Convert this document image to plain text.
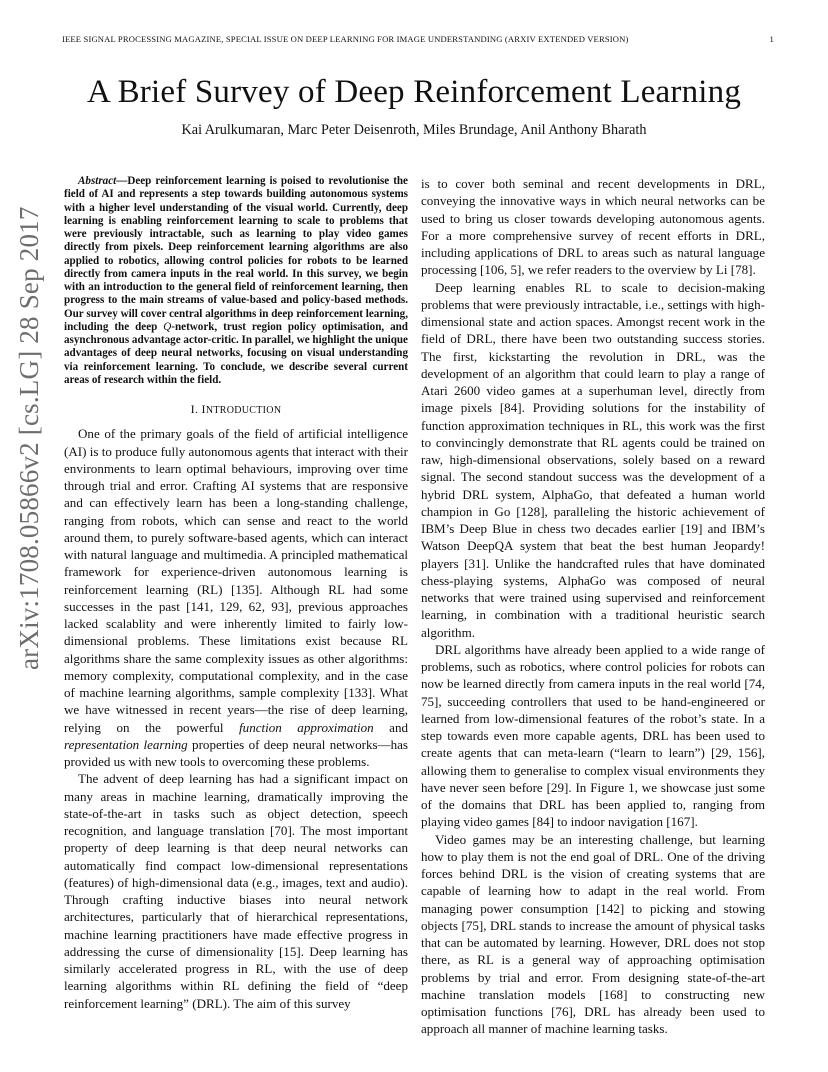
IEEE SIGNAL PROCESSING MAGAZINE, SPECIAL ISSUE ON DEEP LEARNING FOR IMAGE UNDERSTANDING (ARXIV EXTENDED VERSION)	1
A Brief Survey of Deep Reinforcement Learning
Kai Arulkumaran, Marc Peter Deisenroth, Miles Brundage, Anil Anthony Bharath
arXiv:1708.05866v2 [cs.LG] 28 Sep 2017

Abstract—Deep reinforcement learning is poised to revolutionise the field of AI and represents a step towards building autonomous systems with a higher level understanding of the visual world. Currently, deep learning is enabling reinforcement learning to scale to problems that were previously intractable, such as learning to play video games directly from pixels. Deep reinforcement learning algorithms are also applied to robotics, allowing control policies for robots to be learned directly from camera inputs in the real world. In this survey, we begin with an introduction to the general field of reinforcement learning, then progress to the main streams of value-based and policy-based methods. Our survey will cover central algorithms in deep reinforcement learning, including the deep Q-network, trust region policy optimisation, and asynchronous advantage actor-critic. In parallel, we highlight the unique advantages of deep neural networks, focusing on visual understanding via reinforcement learning. To conclude, we describe several current areas of research within the field.

I. INTRODUCTION

One of the primary goals of the field of artificial intelligence (AI) is to produce fully autonomous agents that interact with their environments to learn optimal behaviours, improving over time through trial and error. Crafting AI systems that are responsive and can effectively learn has been a long-standing challenge, ranging from robots, which can sense and react to the world around them, to purely software-based agents, which can interact with natural language and multimedia. A principled mathematical framework for experience-driven autonomous learning is reinforcement learning (RL) [135]. Although RL had some successes in the past [141, 129, 62, 93], previous approaches lacked scalablity and were inherently limited to fairly low-dimensional problems. These limitations exist because RL algorithms share the same complexity issues as other algorithms: memory complexity, computational complexity, and in the case of machine learning algorithms, sample complexity [133]. What we have witnessed in recent years—the rise of deep learning, relying on the powerful function approximation and representation learning properties of deep neural networks—has provided us with new tools to overcoming these problems.

The advent of deep learning has had a significant impact on many areas in machine learning, dramatically improving the state-of-the-art in tasks such as object detection, speech recognition, and language translation [70]. The most important property of deep learning is that deep neural networks can automatically find compact low-dimensional representations (features) of high-dimensional data (e.g., images, text and audio). Through crafting inductive biases into neural network architectures, particularly that of hierarchical representations, machine learning practitioners have made effective progress in addressing the curse of dimensionality [15]. Deep learning has similarly accelerated progress in RL, with the use of deep learning algorithms within RL defining the field of “deep reinforcement learning” (DRL). The aim of this survey

is to cover both seminal and recent developments in DRL, conveying the innovative ways in which neural networks can be used to bring us closer towards developing autonomous agents. For a more comprehensive survey of recent efforts in DRL, including applications of DRL to areas such as natural language processing [106, 5], we refer readers to the overview by Li [78].

Deep learning enables RL to scale to decision-making problems that were previously intractable, i.e., settings with high-dimensional state and action spaces. Amongst recent work in the field of DRL, there have been two outstanding success stories. The first, kickstarting the revolution in DRL, was the development of an algorithm that could learn to play a range of Atari 2600 video games at a superhuman level, directly from image pixels [84]. Providing solutions for the instability of function approximation techniques in RL, this work was the first to convincingly demonstrate that RL agents could be trained on raw, high-dimensional observations, solely based on a reward signal. The second standout success was the development of a hybrid DRL system, AlphaGo, that defeated a human world champion in Go [128], paralleling the historic achievement of IBM’s Deep Blue in chess two decades earlier [19] and IBM’s Watson DeepQA system that beat the best human Jeopardy! players [31]. Unlike the handcrafted rules that have dominated chess-playing systems, AlphaGo was composed of neural networks that were trained using supervised and reinforcement learning, in combination with a traditional heuristic search algorithm.

DRL algorithms have already been applied to a wide range of problems, such as robotics, where control policies for robots can now be learned directly from camera inputs in the real world [74, 75], succeeding controllers that used to be hand-engineered or learned from low-dimensional features of the robot’s state. In a step towards even more capable agents, DRL has been used to create agents that can meta-learn (“learn to learn”) [29, 156], allowing them to generalise to complex visual environments they have never seen before [29]. In Figure 1, we showcase just some of the domains that DRL has been applied to, ranging from playing video games [84] to indoor navigation [167].

Video games may be an interesting challenge, but learning how to play them is not the end goal of DRL. One of the driving forces behind DRL is the vision of creating systems that are capable of learning how to adapt in the real world. From managing power consumption [142] to picking and stowing objects [75], DRL stands to increase the amount of physical tasks that can be automated by learning. However, DRL does not stop there, as RL is a general way of approaching optimisation problems by trial and error. From designing state-of-the-art machine translation models [168] to constructing new optimisation functions [76], DRL has already been used to approach all manner of machine learning tasks.
